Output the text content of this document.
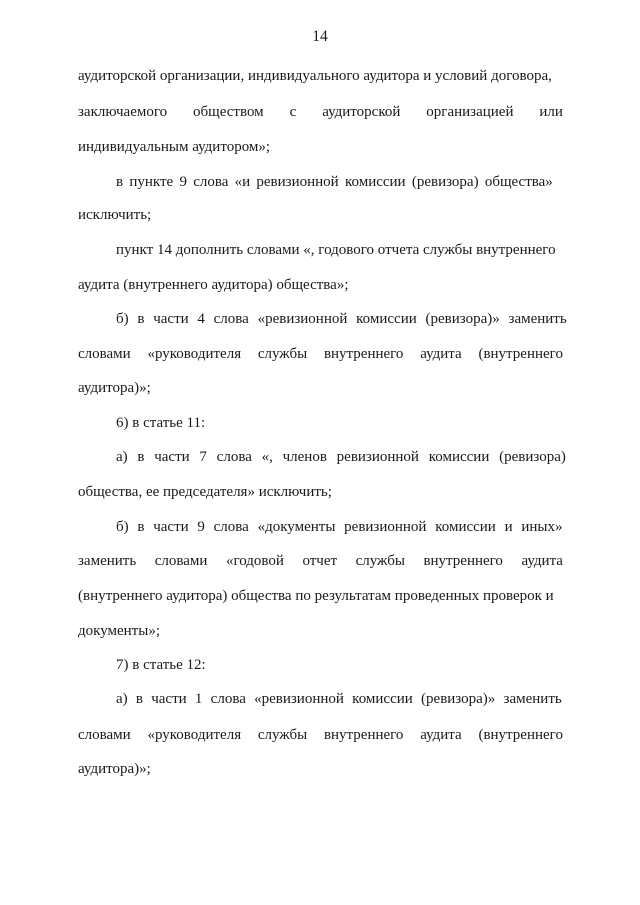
14
аудиторской организации, индивидуального аудитора и условий договора,
заключаемого обществом с аудиторской организацией или
индивидуальным аудитором»;
в пункте 9 слова «и ревизионной комиссии (ревизора) общества»
исключить;
пункт 14 дополнить словами «, годового отчета службы внутреннего
аудита (внутреннего аудитора) общества»;
б) в части 4 слова «ревизионной комиссии (ревизора)» заменить
словами «руководителя службы внутреннего аудита (внутреннего
аудитора)»;
6) в статье 11:
а) в части 7 слова «, членов ревизионной комиссии (ревизора)
общества, ее председателя» исключить;
б) в части 9 слова «документы ревизионной комиссии и иных»
заменить словами «годовой отчет службы внутреннего аудита
(внутреннего аудитора) общества по результатам проведенных проверок и
документы»;
7) в статье 12:
а) в части 1 слова «ревизионной комиссии (ревизора)» заменить
словами «руководителя службы внутреннего аудита (внутреннего
аудитора)»;
